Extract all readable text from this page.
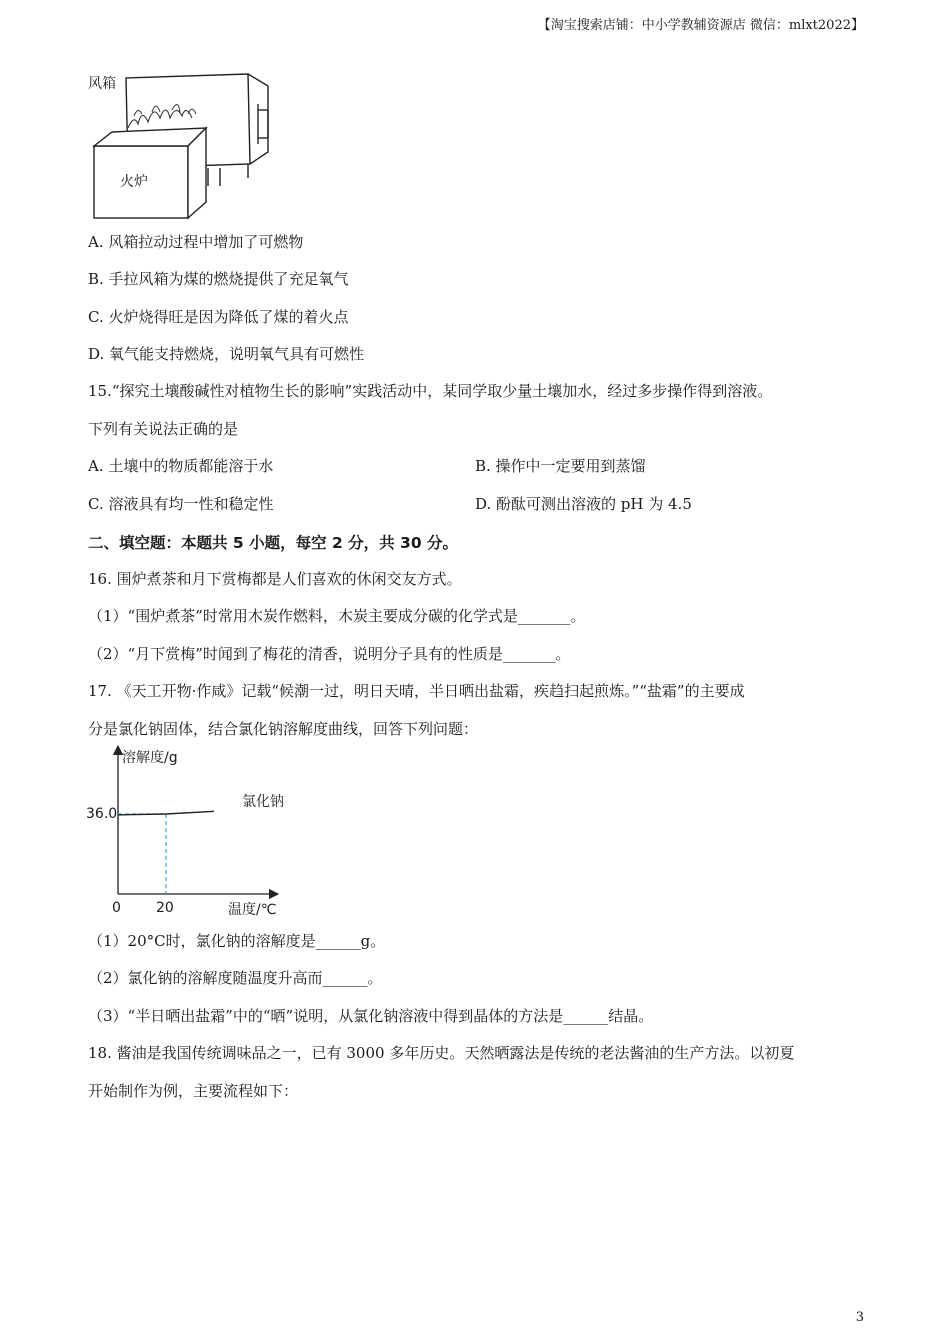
【淘宝搜索店铺：中小学教辅资源店 微信：mlxt2022】
风箱
火炉
A. 风箱拉动过程中增加了可燃物
B. 手拉风箱为煤的燃烧提供了充足氧气
C. 火炉烧得旺是因为降低了煤的着火点
D. 氧气能支持燃烧，说明氧气具有可燃性
15.“探究土壤酸碱性对植物生长的影响”实践活动中，某同学取少量土壤加水，经过多步操作得到溶液。
下列有关说法正确的是
A. 土壤中的物质都能溶于水	B. 操作中一定要用到蒸馏
C. 溶液具有均一性和稳定性	D. 酚酞可测出溶液的 pH 为 4.5
二、填空题：本题共 5 小题，每空 2 分，共 30 分。
16. 围炉煮茶和月下赏梅都是人们喜欢的休闲交友方式。
（1）“围炉煮茶”时常用木炭作燃料，木炭主要成分碳的化学式是_______。
（2）“月下赏梅”时闻到了梅花的清香，说明分子具有的性质是_______。
17. 《天工开物·作咸》记载“候潮一过，明日天晴，半日晒出盐霜，疾趋扫起煎炼。”“盐霜”的主要成
分是氯化钠固体，结合氯化钠溶解度曲线，回答下列问题：
溶解度/g
温度/℃
0	20
36.0
氯化钠
（1）20°C时，氯化钠的溶解度是______g。
（2）氯化钠的溶解度随温度升高而______。
（3）“半日晒出盐霜”中的“晒”说明，从氯化钠溶液中得到晶体的方法是______结晶。
18. 酱油是我国传统调味品之一，已有 3000 多年历史。天然晒露法是传统的老法酱油的生产方法。以初夏
开始制作为例，主要流程如下：
3
